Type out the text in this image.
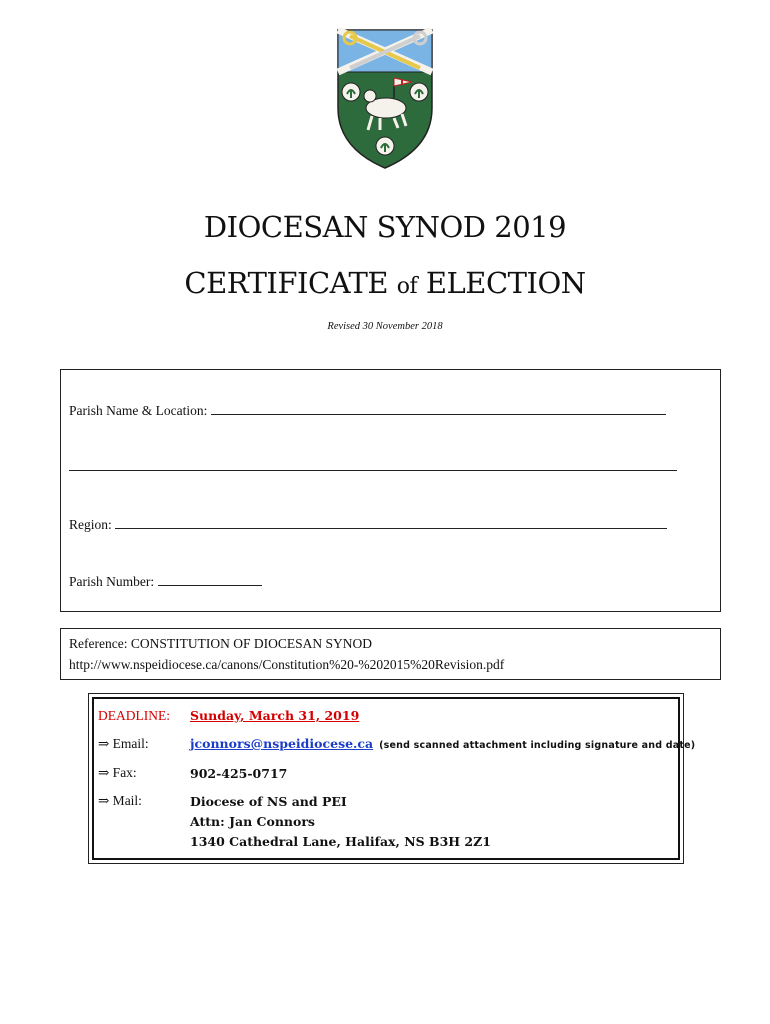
DIOCESAN SYNOD 2019
CERTIFICATE of ELECTION
Revised 30 November 2018
Parish Name & Location:
Region:
Parish Number:
Reference: CONSTITUTION OF DIOCESAN SYNOD
http://www.nspeidiocese.ca/canons/Constitution%20-%202015%20Revision.pdf
DEADLINE: Sunday, March 31, 2019
⇒ Email:	jconnors@nspeidiocese.ca (send scanned attachment including signature and date)
⇒ Fax:	902-425-0717
⇒ Mail:	Diocese of NS and PEI
Attn: Jan Connors
1340 Cathedral Lane, Halifax, NS B3H 2Z1
